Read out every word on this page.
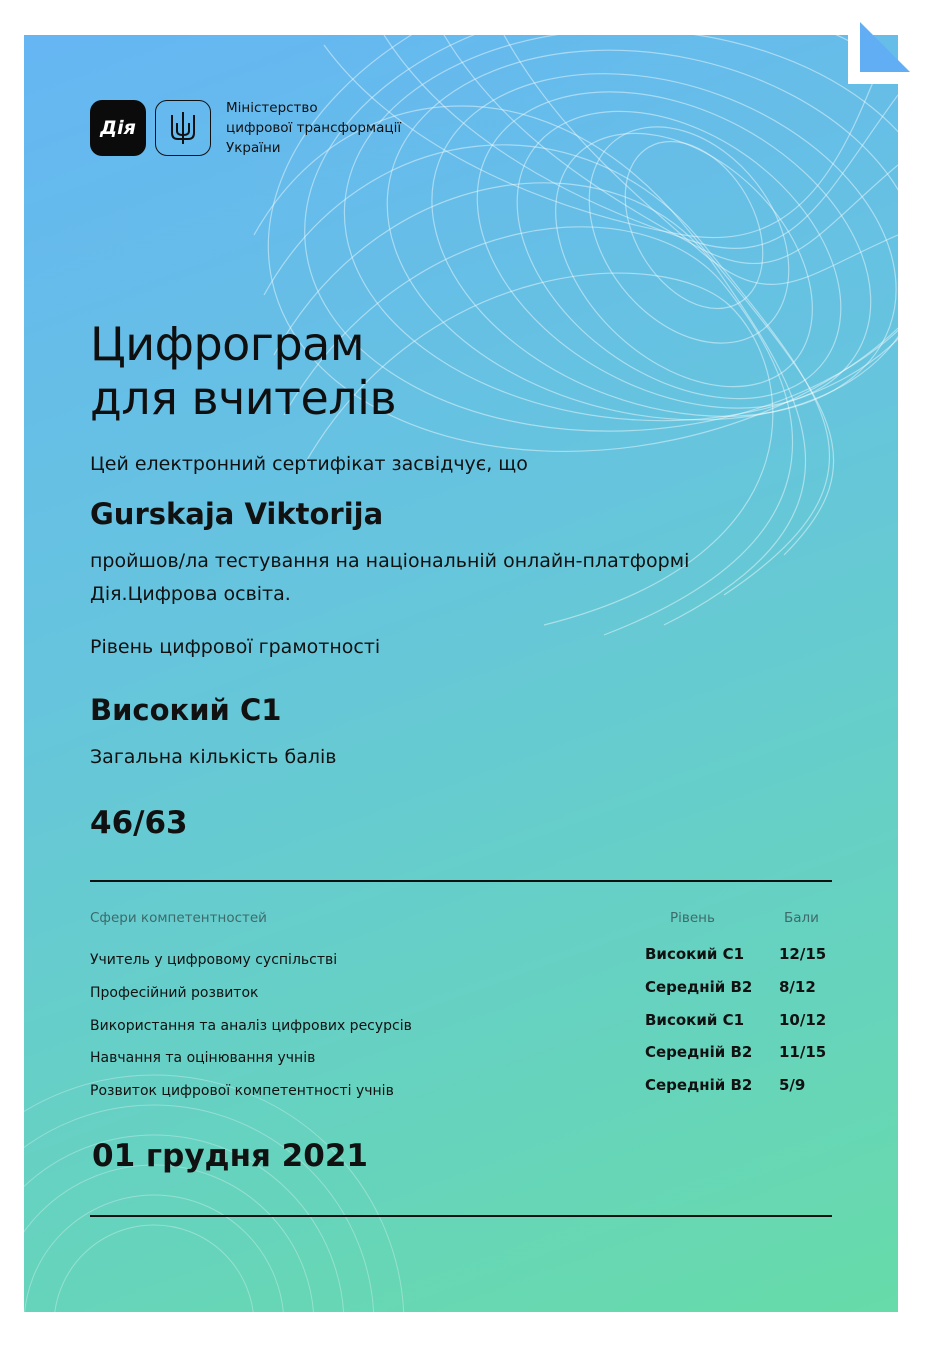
Дія
Міністерство
цифрової трансформації
України
Цифрограм
для вчителів
Цей електронний сертифікат засвідчує, що
Gurskaja Viktorija
пройшов/ла тестування на національній онлайн-платформі
Дія.Цифрова освіта.
Рівень цифрової грамотності
Високий С1
Загальна кількість балів
46/63
Сфери компетентностей	Рівень	Бали
Учитель у цифровому суспільстві	Високий С1 12/15
Професійний розвиток	Середній В2 8/12
Використання та аналіз цифрових ресурсів	Високий С1 10/12
Навчання та оцінювання учнів	Середній В2 11/15
Розвиток цифрової компетентності учнів	Середній В2 5/9
01 грудня 2021
